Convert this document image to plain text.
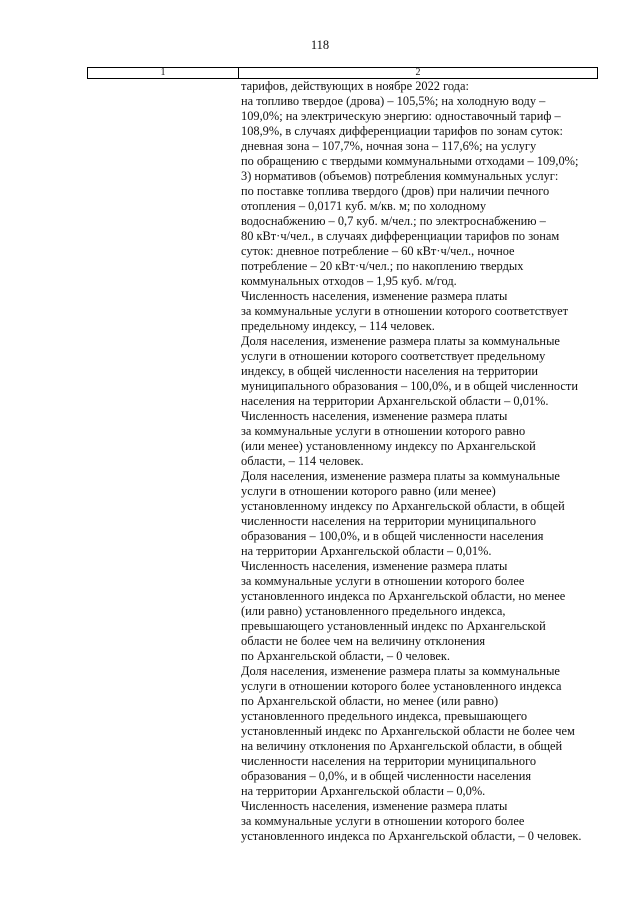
118
1	2
тарифов, действующих в ноябре 2022 года:
на топливо твердое (дрова) – 105,5%; на холодную воду –
109,0%; на электрическую энергию: одноставочный тариф –
108,9%, в случаях дифференциации тарифов по зонам суток:
дневная зона – 107,7%, ночная зона – 117,6%; на услугу
по обращению с твердыми коммунальными отходами – 109,0%;
3) нормативов (объемов) потребления коммунальных услуг:
по поставке топлива твердого (дров) при наличии печного
отопления – 0,0171 куб. м/кв. м; по холодному
водоснабжению – 0,7 куб. м/чел.; по электроснабжению –
80 кВт·ч/чел., в случаях дифференциации тарифов по зонам
суток: дневное потребление – 60 кВт·ч/чел., ночное
потребление – 20 кВт·ч/чел.; по накоплению твердых
коммунальных отходов – 1,95 куб. м/год.
Численность населения, изменение размера платы
за коммунальные услуги в отношении которого соответствует
предельному индексу, – 114 человек.
Доля населения, изменение размера платы за коммунальные
услуги в отношении которого соответствует предельному
индексу, в общей численности населения на территории
муниципального образования – 100,0%, и в общей численности
населения на территории Архангельской области – 0,01%.
Численность населения, изменение размера платы
за коммунальные услуги в отношении которого равно
(или менее) установленному индексу по Архангельской
области, – 114 человек.
Доля населения, изменение размера платы за коммунальные
услуги в отношении которого равно (или менее)
установленному индексу по Архангельской области, в общей
численности населения на территории муниципального
образования – 100,0%, и в общей численности населения
на территории Архангельской области – 0,01%.
Численность населения, изменение размера платы
за коммунальные услуги в отношении которого более
установленного индекса по Архангельской области, но менее
(или равно) установленного предельного индекса,
превышающего установленный индекс по Архангельской
области не более чем на величину отклонения
по Архангельской области, – 0 человек.
Доля населения, изменение размера платы за коммунальные
услуги в отношении которого более установленного индекса
по Архангельской области, но менее (или равно)
установленного предельного индекса, превышающего
установленный индекс по Архангельской области не более чем
на величину отклонения по Архангельской области, в общей
численности населения на территории муниципального
образования – 0,0%, и в общей численности населения
на территории Архангельской области – 0,0%.
Численность населения, изменение размера платы
за коммунальные услуги в отношении которого более
установленного индекса по Архангельской области, – 0 человек.
